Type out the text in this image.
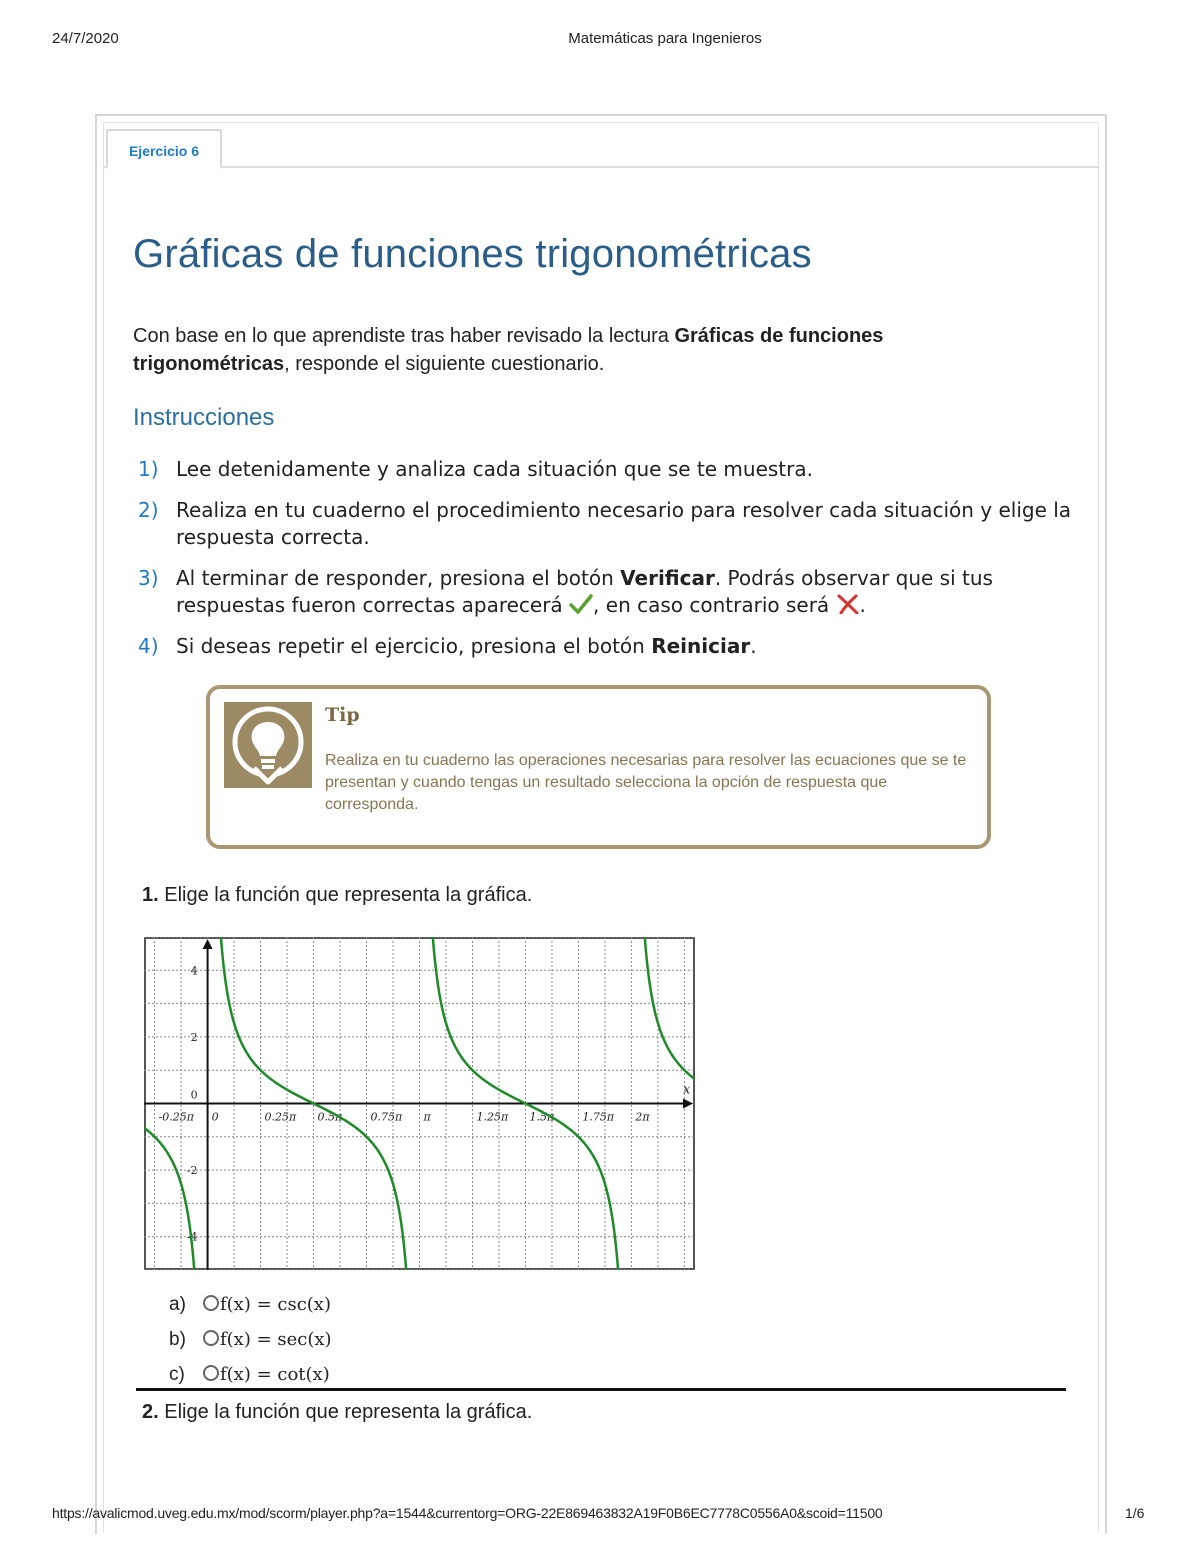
24/7/2020	Matemáticas para Ingenieros
Ejercicio 6
Gráficas de funciones trigonométricas

Con base en lo que aprendiste tras haber revisado la lectura Gráficas de funciones trigonométricas, responde el siguiente cuestionario.

Instrucciones
1) Lee detenidamente y analiza cada situación que se te muestra.
2) Realiza en tu cuaderno el procedimiento necesario para resolver cada situación y elige la respuesta correcta.
3) Al terminar de responder, presiona el botón Verificar. Podrás observar que si tus respuestas fueron correctas aparecerá , en caso contrario será .
4) Si deseas repetir el ejercicio, presiona el botón Reiniciar.
Tip
Realiza en tu cuaderno las operaciones necesarias para resolver las ecuaciones que se te presentan y cuando tengas un resultado selecciona la opción de respuesta que corresponda.
1. Elige la función que representa la gráfica.
-0.25π 0	0.25π 0.5π	0.75π π	1.25π 1.5π	1.75π 2π
4
2
0
-2
-4
x
a) f(x) = csc(x)
b) f(x) = sec(x)
c) f(x) = cot(x)
2. Elige la función que representa la gráfica.
https://avalicmod.uveg.edu.mx/mod/scorm/player.php?a=1544&currentorg=ORG-22E869463832A19F0B6EC7778C0556A0&scoid=11500	1/6
